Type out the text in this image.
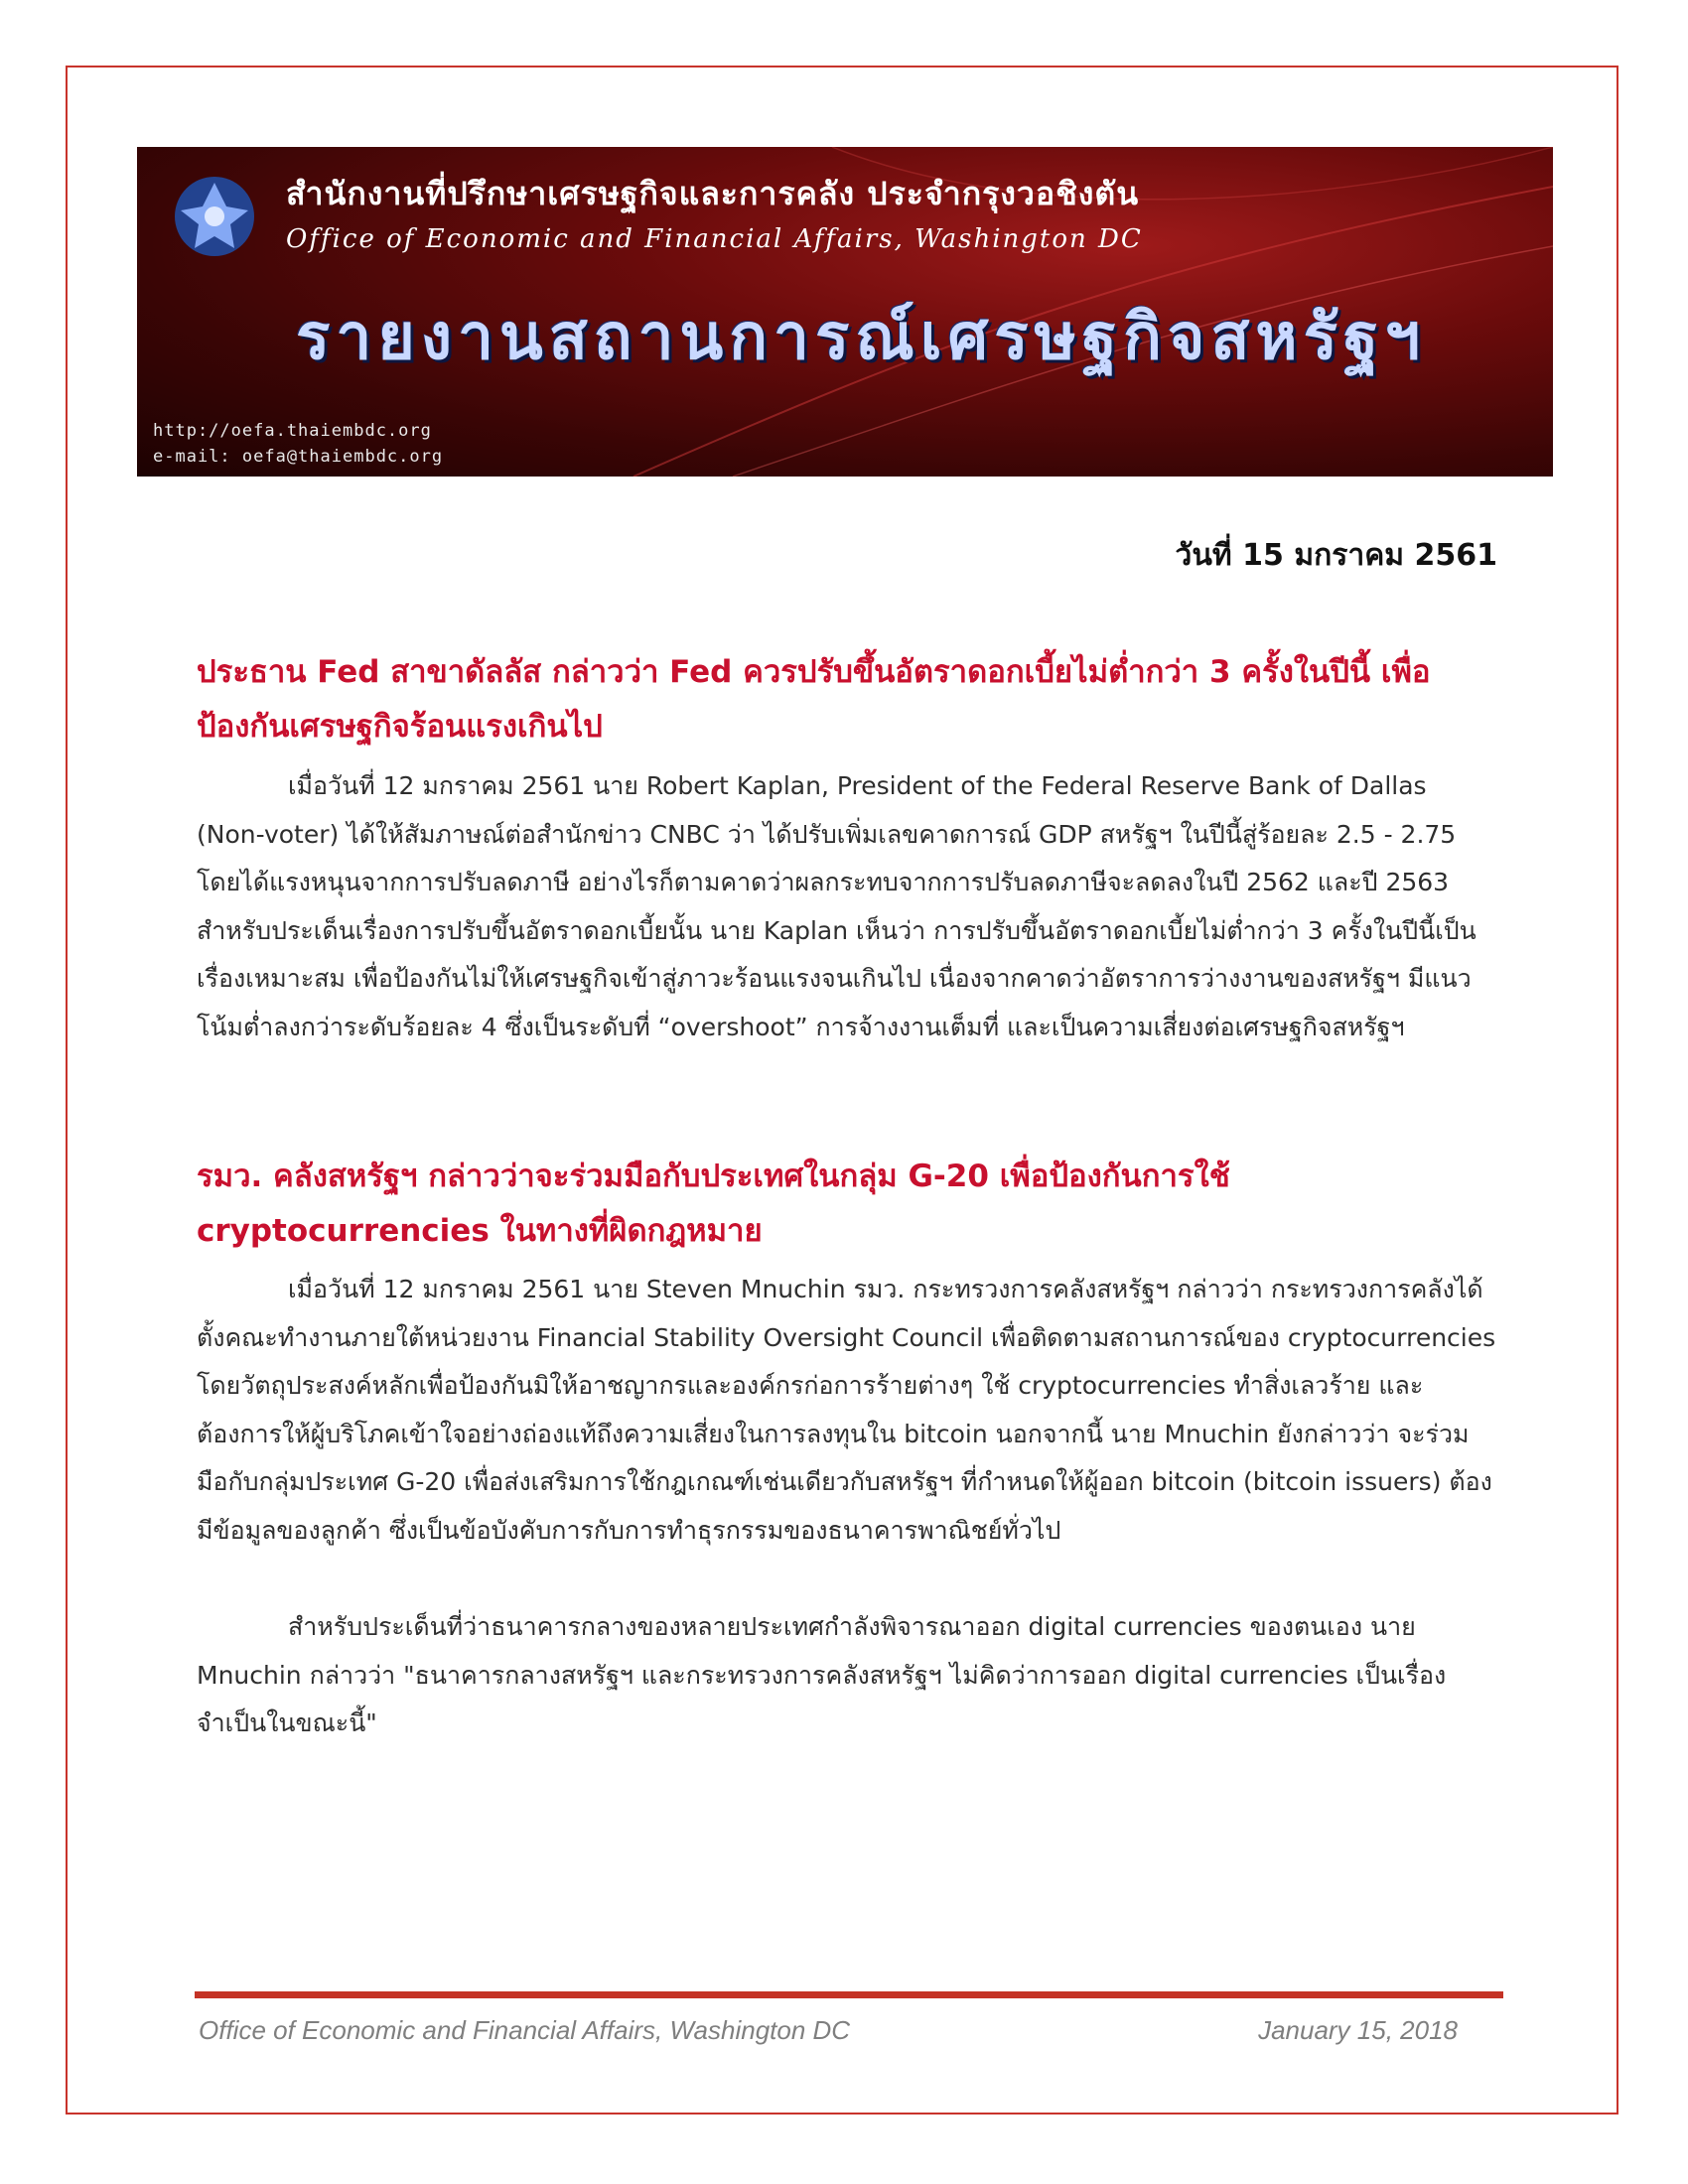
สำนักงานที่ปรึกษาเศรษฐกิจและการคลัง ประจำกรุงวอชิงตัน
Office of Economic and Financial Affairs, Washington DC
รายงานสถานการณ์เศรษฐกิจสหรัฐฯ
http://oefa.thaiembdc.org
e-mail: oefa@thaiembdc.org
วันที่ 15 มกราคม 2561
ประธาน Fed สาขาดัลลัส กล่าวว่า Fed ควรปรับขึ้นอัตราดอกเบี้ยไม่ต่ำกว่า 3 ครั้งในปีนี้ เพื่อป้องกันเศรษฐกิจร้อนแรงเกินไป
เมื่อวันที่ 12 มกราคม 2561 นาย Robert Kaplan, President of the Federal Reserve Bank of Dallas (Non-voter) ได้ให้สัมภาษณ์ต่อสำนักข่าว CNBC ว่า ได้ปรับเพิ่มเลขคาดการณ์ GDP สหรัฐฯ ในปีนี้สู่ร้อยละ 2.5 - 2.75 โดยได้แรงหนุนจากการปรับลดภาษี อย่างไรก็ตามคาดว่าผลกระทบจากการปรับลดภาษีจะลดลงในปี 2562 และปี 2563 สำหรับประเด็นเรื่องการปรับขึ้นอัตราดอกเบี้ยนั้น นาย Kaplan เห็นว่า การปรับขึ้นอัตราดอกเบี้ยไม่ต่ำกว่า 3 ครั้งในปีนี้เป็นเรื่องเหมาะสม เพื่อป้องกันไม่ให้เศรษฐกิจเข้าสู่ภาวะร้อนแรงจนเกินไป เนื่องจากคาดว่าอัตราการว่างงานของสหรัฐฯ มีแนวโน้มต่ำลงกว่าระดับร้อยละ 4 ซึ่งเป็นระดับที่ “overshoot” การจ้างงานเต็มที่ และเป็นความเสี่ยงต่อเศรษฐกิจสหรัฐฯ
รมว. คลังสหรัฐฯ กล่าวว่าจะร่วมมือกับประเทศในกลุ่ม G-20 เพื่อป้องกันการใช้ cryptocurrencies ในทางที่ผิดกฎหมาย
เมื่อวันที่ 12 มกราคม 2561 นาย Steven Mnuchin รมว. กระทรวงการคลังสหรัฐฯ กล่าวว่า กระทรวงการคลังได้ตั้งคณะทำงานภายใต้หน่วยงาน Financial Stability Oversight Council เพื่อติดตามสถานการณ์ของ cryptocurrencies โดยวัตถุประสงค์หลักเพื่อป้องกันมิให้อาชญากรและองค์กรก่อการร้ายต่างๆ ใช้ cryptocurrencies ทำสิ่งเลวร้าย และต้องการให้ผู้บริโภคเข้าใจอย่างถ่องแท้ถึงความเสี่ยงในการลงทุนใน bitcoin นอกจากนี้ นาย Mnuchin ยังกล่าวว่า จะร่วมมือกับกลุ่มประเทศ G-20 เพื่อส่งเสริมการใช้กฎเกณฑ์เช่นเดียวกับสหรัฐฯ ที่กำหนดให้ผู้ออก bitcoin (bitcoin issuers) ต้องมีข้อมูลของลูกค้า ซึ่งเป็นข้อบังคับการกับการทำธุรกรรมของธนาคารพาณิชย์ทั่วไป
สำหรับประเด็นที่ว่าธนาคารกลางของหลายประเทศกำลังพิจารณาออก digital currencies ของตนเอง นาย Mnuchin กล่าวว่า "ธนาคารกลางสหรัฐฯ และกระทรวงการคลังสหรัฐฯ ไม่คิดว่าการออก digital currencies เป็นเรื่องจำเป็นในขณะนี้"
Office of Economic and Financial Affairs, Washington DC	January 15, 2018
